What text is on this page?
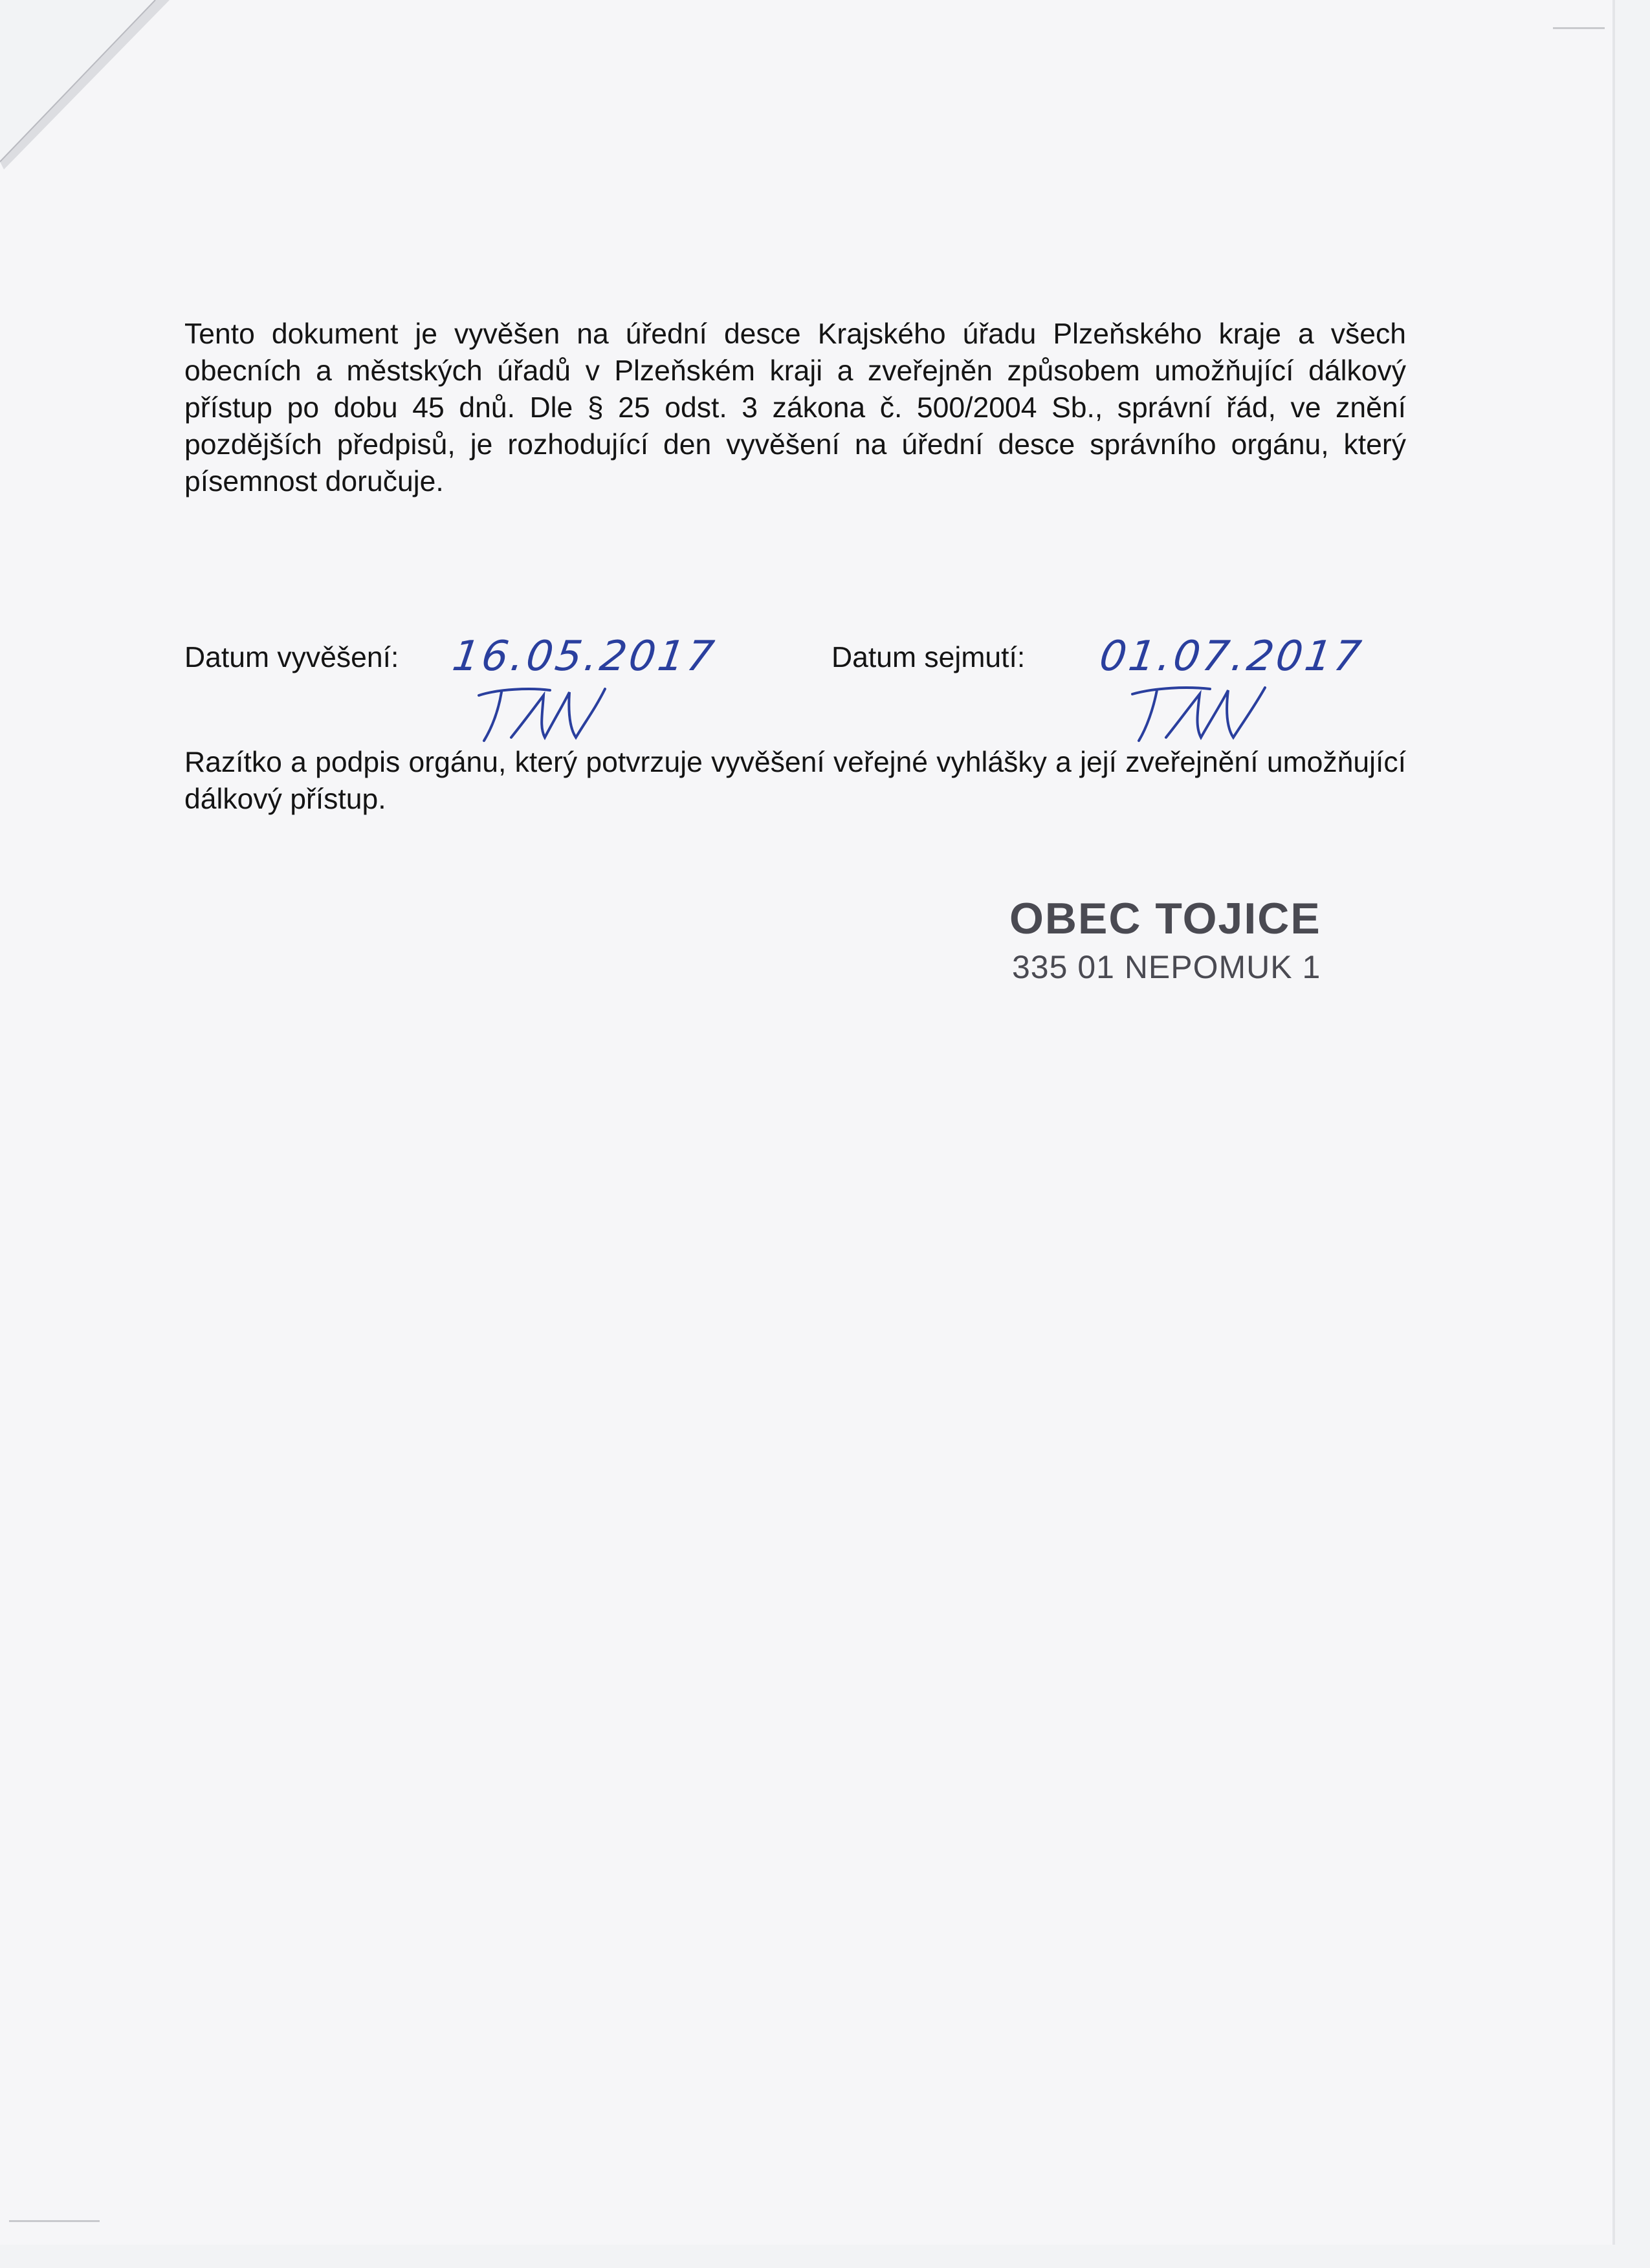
Tento dokument je vyvěšen na úřední desce Krajského úřadu Plzeňského kraje a všech obecních a městských úřadů v Plzeňském kraji a zveřejněn způsobem umožňující dálkový přístup po dobu 45 dnů. Dle § 25 odst. 3 zákona č. 500/2004 Sb., správní řád, ve znění pozdějších předpisů, je rozhodující den vyvěšení na úřední desce správního orgánu, který písemnost doručuje.

Datum vyvěšení: 16.05.2017	Datum sejmutí: 01.07.2017

Razítko a podpis orgánu, který potvrzuje vyvěšení veřejné vyhlášky a její zveřejnění umožňující dálkový přístup.

OBEC TOJICE
335 01 NEPOMUK 1
